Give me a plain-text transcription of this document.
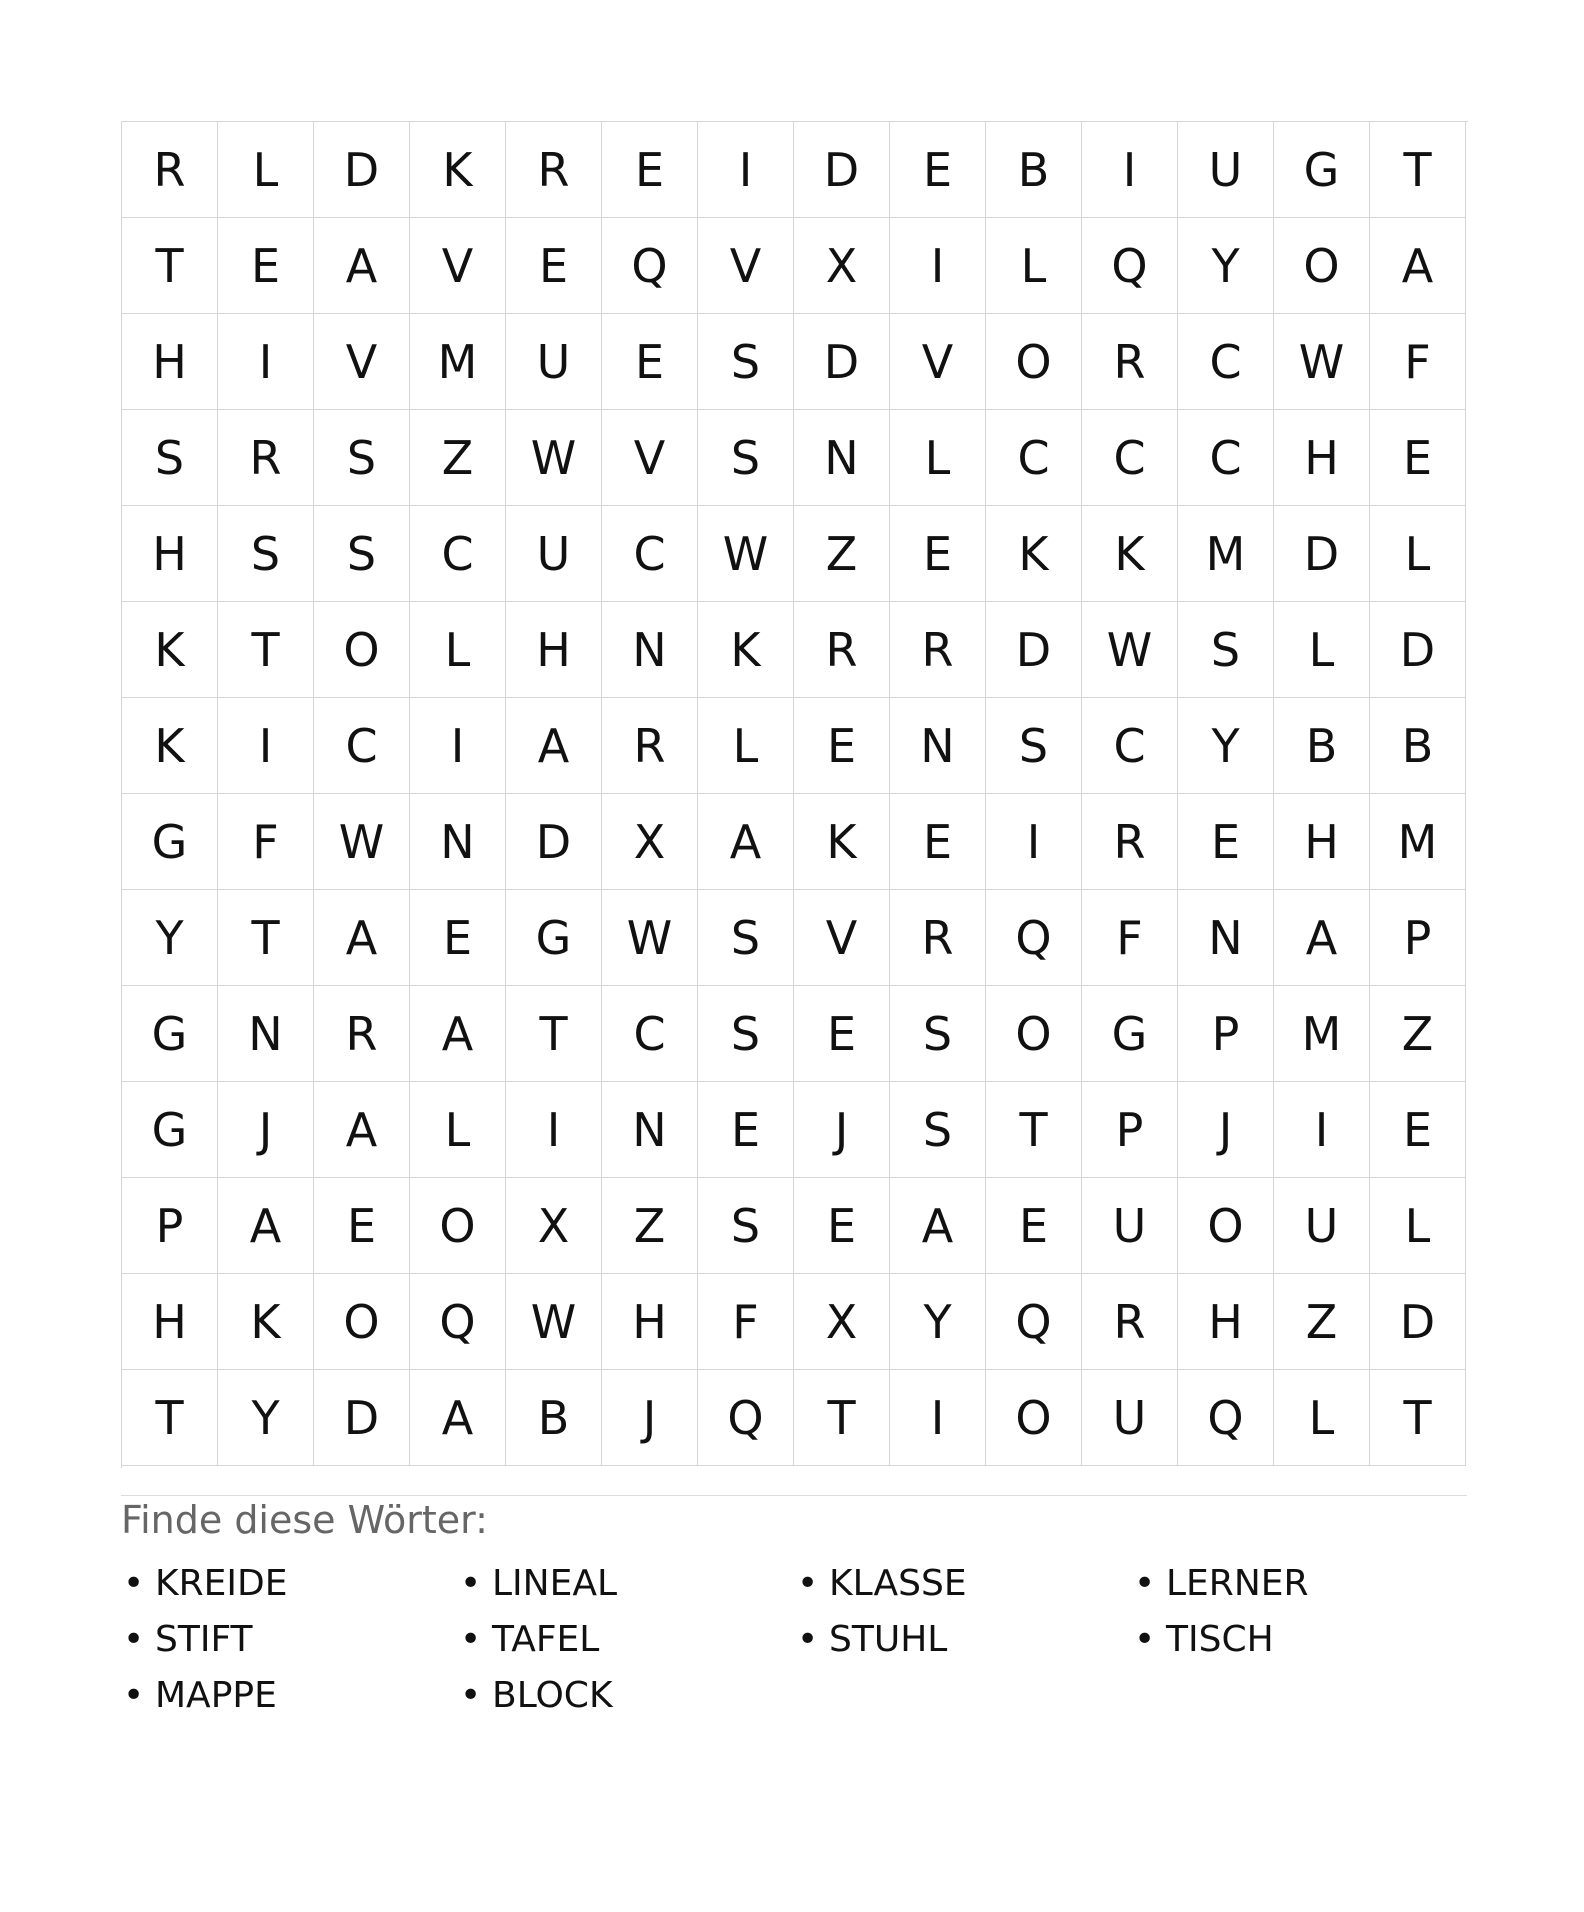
R	L	D	K	R	E	I	D	E	B	I	U	G	T
T	E	A	V	E	Q	V	X	I	L	Q	Y	O	A
H	I	V	M	U	E	S	D	V	O	R	C	W	F
S	R	S	Z	W	V	S	N	L	C	C	C	H	E
H	S	S	C	U	C	W	Z	E	K	K	M	D	L
K	T	O	L	H	N	K	R	R	D	W	S	L	D
K	I	C	I	A	R	L	E	N	S	C	Y	B	B
G	F	W	N	D	X	A	K	E	I	R	E	H	M
Y	T	A	E	G	W	S	V	R	Q	F	N	A	P
G	N	R	A	T	C	S	E	S	O	G	P	M	Z
G	J	A	L	I	N	E	J	S	T	P	J	I	E
P	A	E	O	X	Z	S	E	A	E	U	O	U	L
H	K	O	Q	W	H	F	X	Y	Q	R	H	Z	D
T	Y	D	A	B	J	Q	T	I	O	U	Q	L	T
Finde diese Wörter:
• KREIDE	• LINEAL	• KLASSE	• LERNER
• STIFT	• TAFEL	• STUHL	• TISCH
• MAPPE	• BLOCK
